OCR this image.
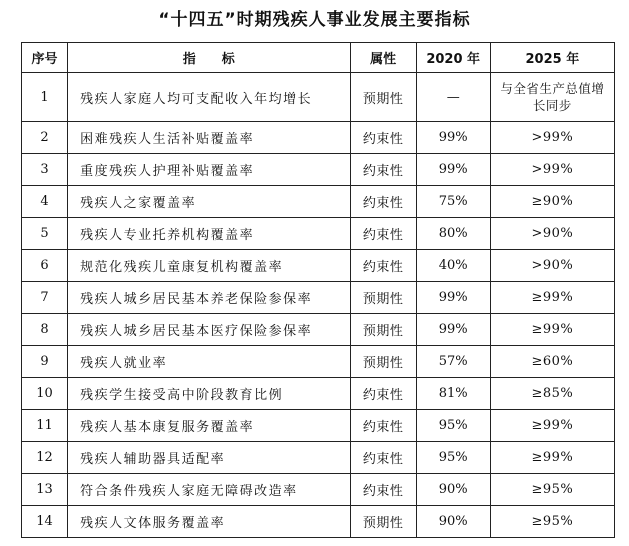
“十四五”时期残疾人事业发展主要指标
序号	指标	属性	2020 年	2025 年
1	残疾人家庭人均可支配收入年均增长	预期性	—	与全省生产总值增长同步
2	困难残疾人生活补贴覆盖率	约束性	99%	>99%
3	重度残疾人护理补贴覆盖率	约束性	99%	>99%
4	残疾人之家覆盖率	约束性	75%	≥90%
5	残疾人专业托养机构覆盖率	约束性	80%	>90%
6	规范化残疾儿童康复机构覆盖率	约束性	40%	>90%
7	残疾人城乡居民基本养老保险参保率	预期性	99%	≥99%
8	残疾人城乡居民基本医疗保险参保率	预期性	99%	≥99%
9	残疾人就业率	预期性	57%	≥60%
10	残疾学生接受高中阶段教育比例	约束性	81%	≥85%
11	残疾人基本康复服务覆盖率	约束性	95%	≥99%
12	残疾人辅助器具适配率	约束性	95%	≥99%
13	符合条件残疾人家庭无障碍改造率	约束性	90%	≥95%
14	残疾人文体服务覆盖率	预期性	90%	≥95%
